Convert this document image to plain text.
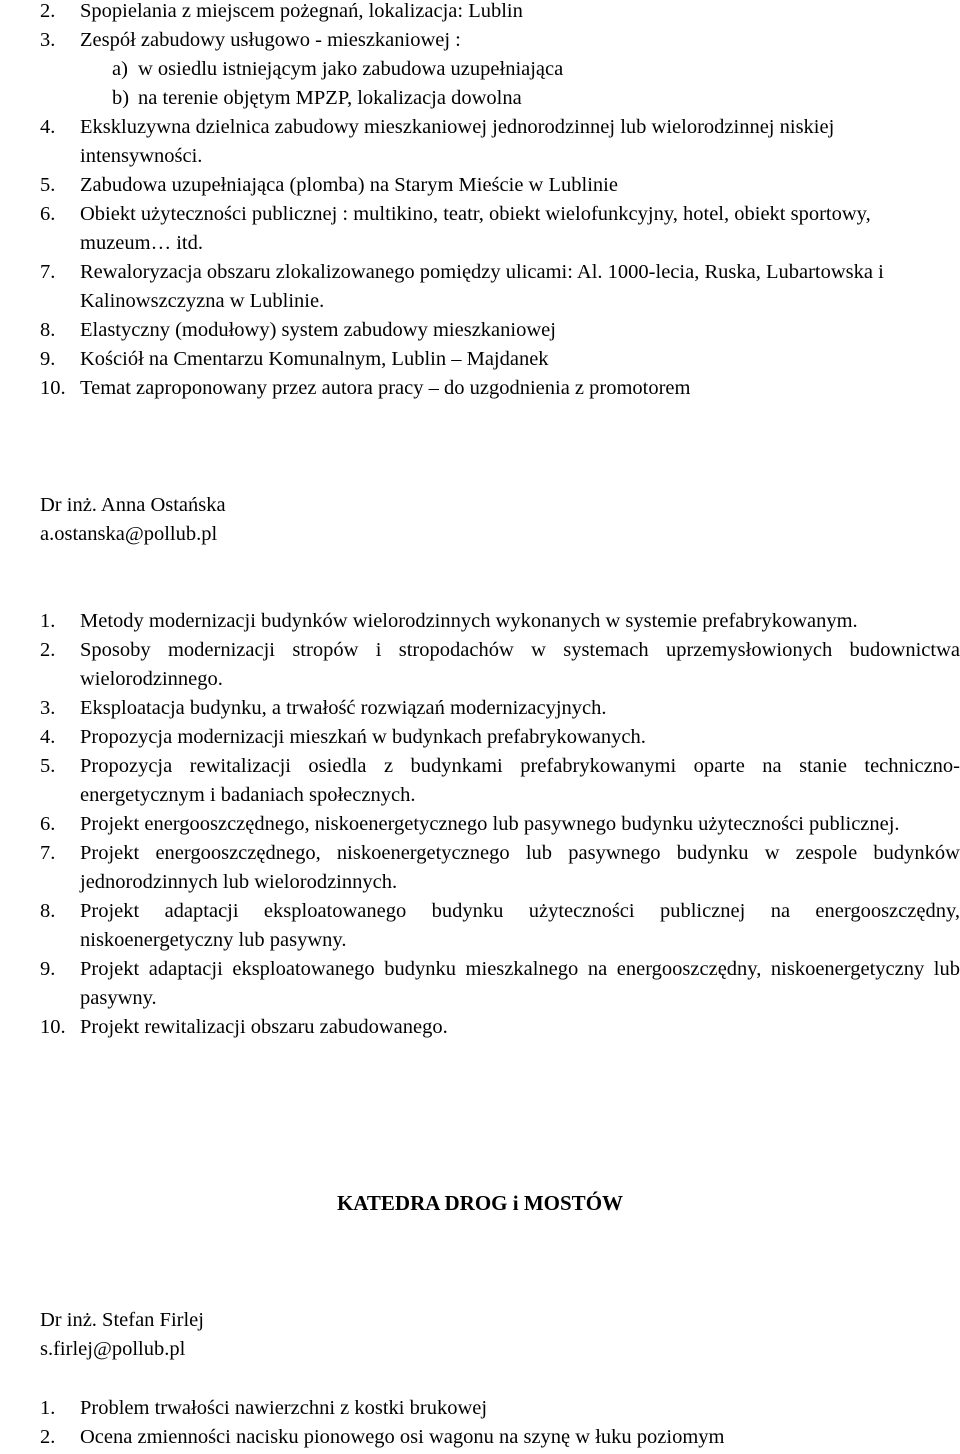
2. Spopielania z miejscem pożegnań, lokalizacja: Lublin
3. Zespół zabudowy usługowo - mieszkaniowej :
a) w osiedlu istniejącym jako zabudowa uzupełniająca
b) na terenie objętym MPZP, lokalizacja dowolna
4. Ekskluzywna dzielnica zabudowy mieszkaniowej jednorodzinnej lub wielorodzinnej niskiej intensywności.
5. Zabudowa uzupełniająca (plomba) na Starym Mieście w Lublinie
6. Obiekt użyteczności publicznej : multikino, teatr, obiekt wielofunkcyjny, hotel, obiekt sportowy, muzeum… itd.
7. Rewaloryzacja obszaru zlokalizowanego pomiędzy ulicami: Al. 1000-lecia, Ruska, Lubartowska i Kalinowszczyzna w Lublinie.
8. Elastyczny (modułowy) system zabudowy mieszkaniowej
9. Kościół na Cmentarzu Komunalnym, Lublin – Majdanek
10. Temat zaproponowany przez autora pracy – do uzgodnienia z promotorem
Dr inż. Anna Ostańska
a.ostanska@pollub.pl
1. Metody modernizacji budynków wielorodzinnych wykonanych w systemie prefabrykowanym.
2. Sposoby modernizacji stropów i stropodachów w systemach uprzemysłowionych budownictwa wielorodzinnego.
3. Eksploatacja budynku, a trwałość rozwiązań modernizacyjnych.
4. Propozycja modernizacji mieszkań w budynkach prefabrykowanych.
5. Propozycja rewitalizacji osiedla z budynkami prefabrykowanymi oparte na stanie techniczno-energetycznym i badaniach społecznych.
6. Projekt energooszczędnego, niskoenergetycznego lub pasywnego budynku użyteczności publicznej.
7. Projekt energooszczędnego, niskoenergetycznego lub pasywnego budynku w zespole budynków jednorodzinnych lub wielorodzinnych.
8. Projekt adaptacji eksploatowanego budynku użyteczności publicznej na energooszczędny, niskoenergetyczny lub pasywny.
9. Projekt adaptacji eksploatowanego budynku mieszkalnego na energooszczędny, niskoenergetyczny lub pasywny.
10. Projekt rewitalizacji obszaru zabudowanego.
KATEDRA DROG i MOSTÓW
Dr inż. Stefan Firlej
s.firlej@pollub.pl
1. Problem trwałości nawierzchni z kostki brukowej
2. Ocena zmienności nacisku pionowego osi wagonu na szynę w łuku poziomym
